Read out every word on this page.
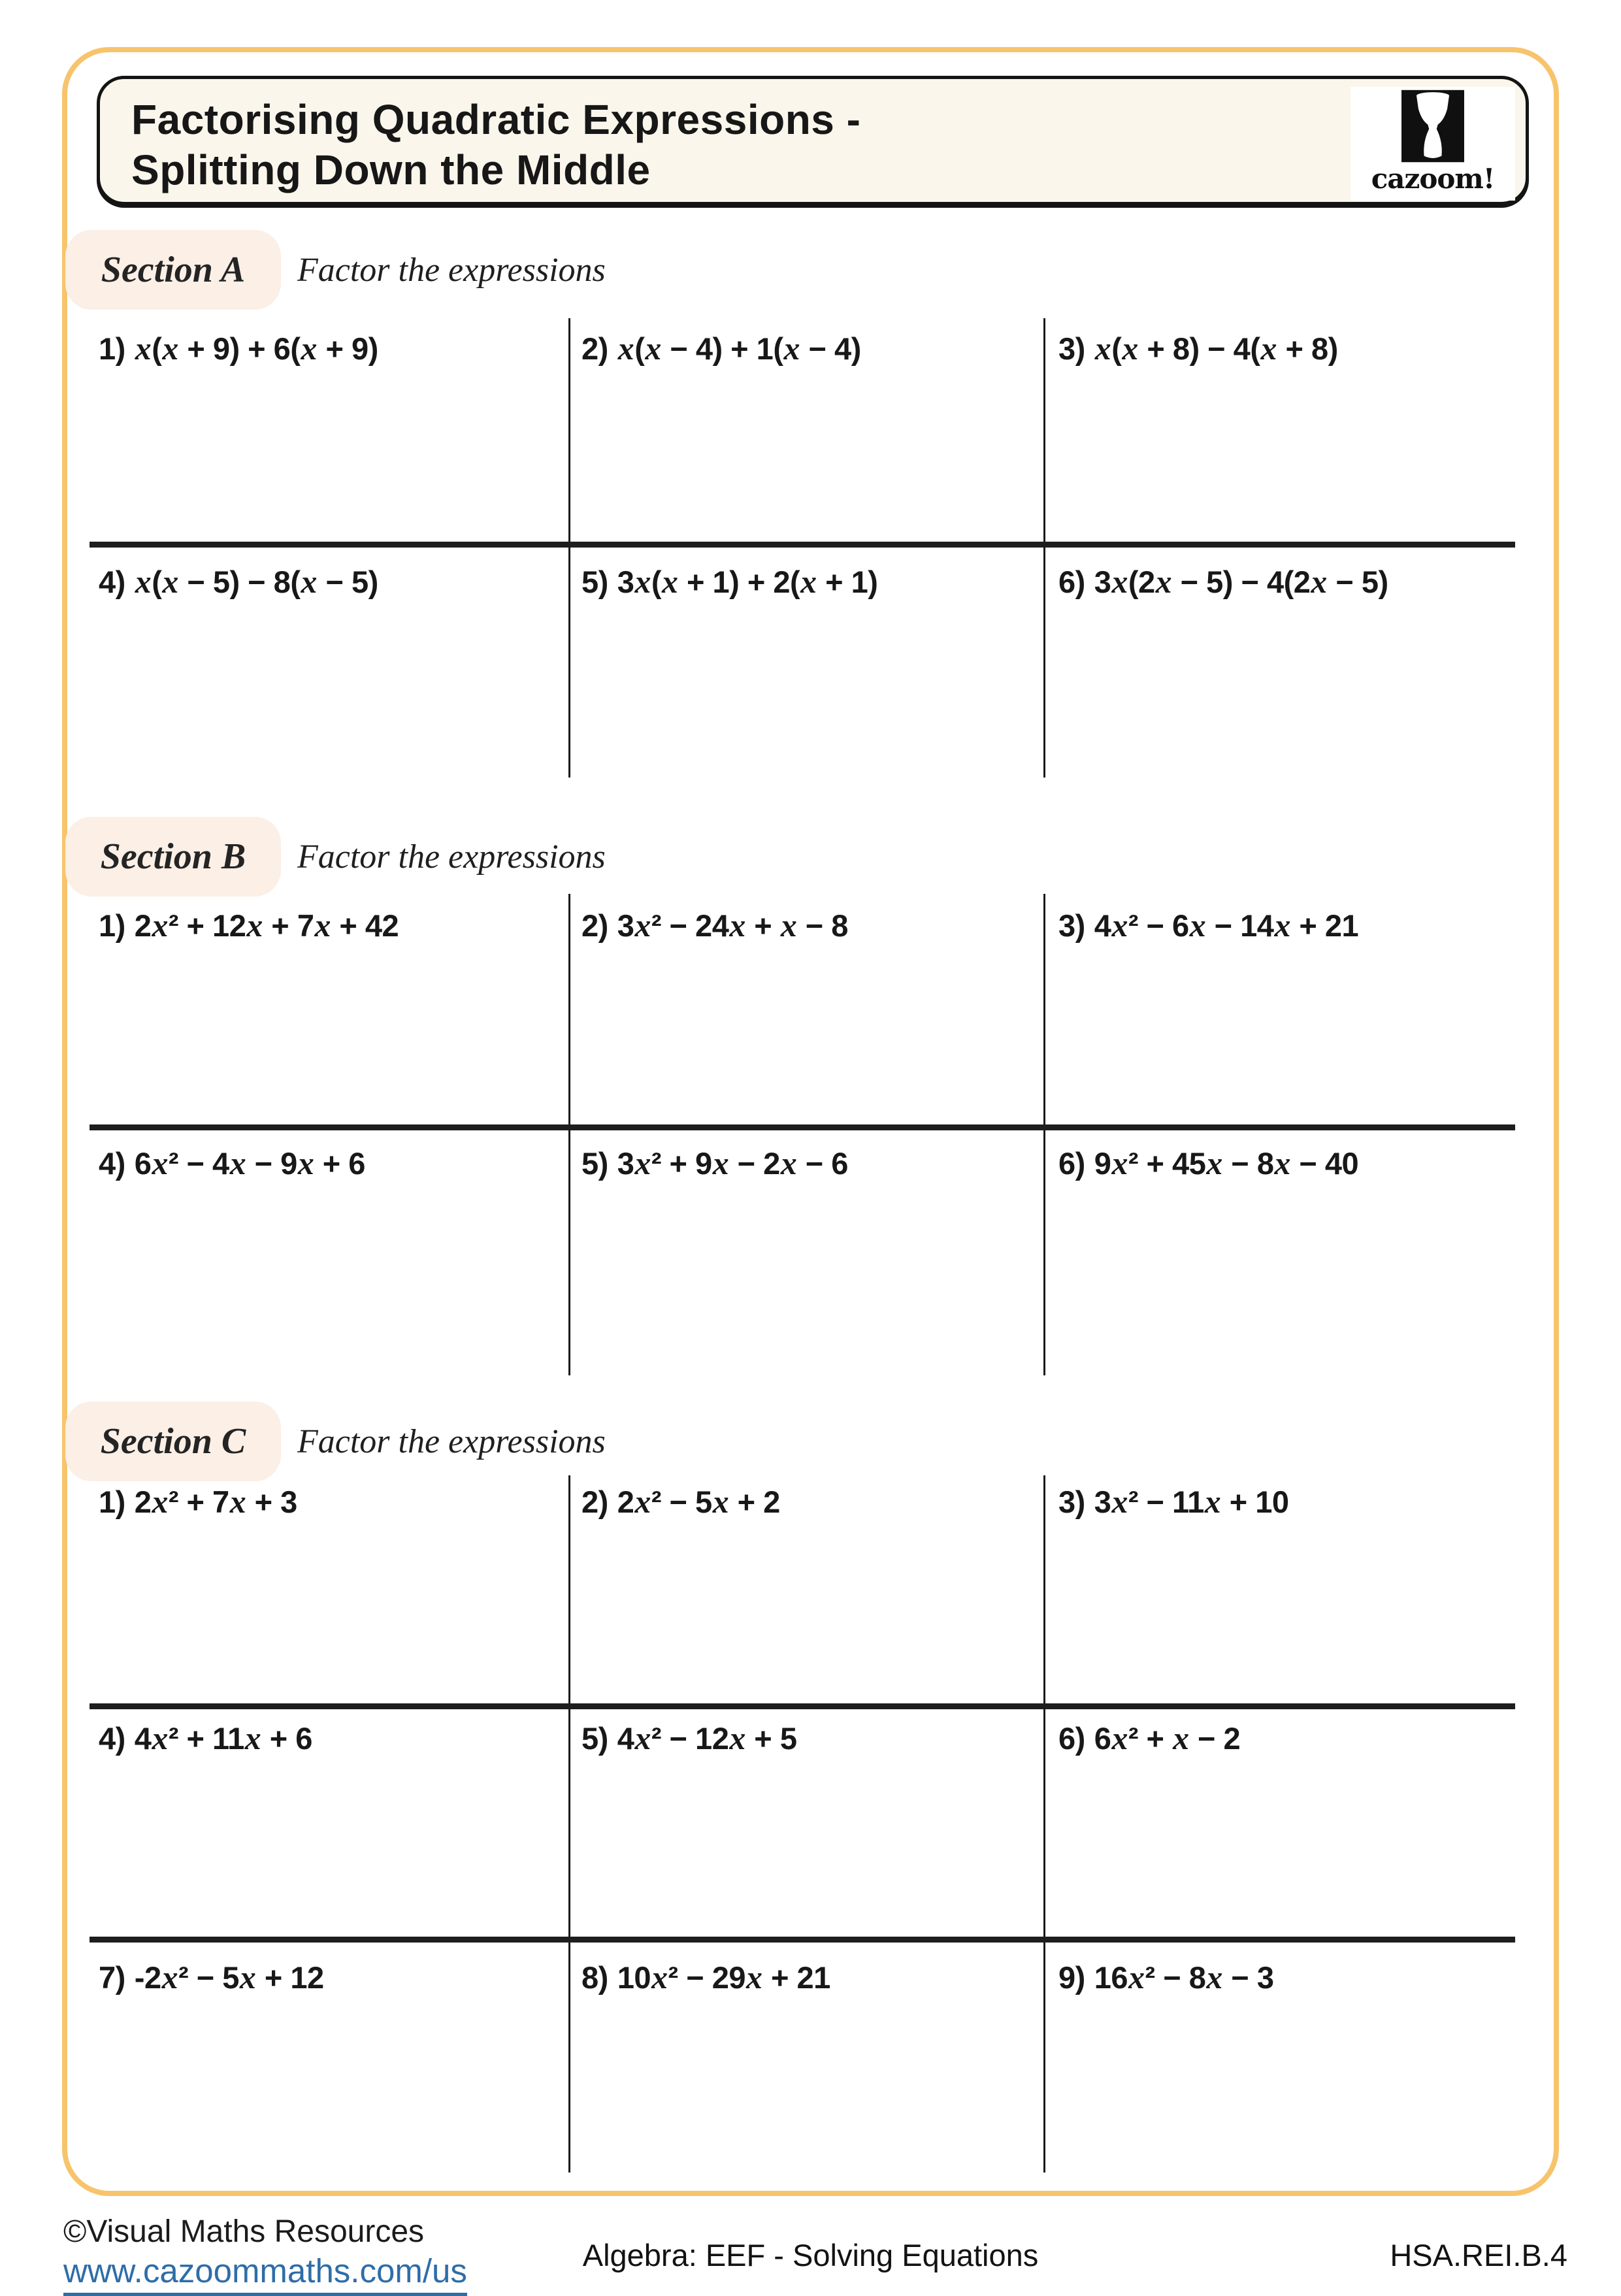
Factorising Quadratic Expressions -
Splitting Down the Middle	cazoom!
Section A	Factor the expressions
1) x(x + 9) + 6(x + 9)	2) x(x − 4) + 1(x − 4)	3) x(x + 8) − 4(x + 8)
4) x(x − 5) − 8(x − 5)	5) 3x(x + 1) + 2(x + 1)	6) 3x(2x − 5) − 4(2x − 5)
Section B	Factor the expressions
1) 2x² + 12x + 7x + 42	2) 3x² − 24x + x − 8	3) 4x² − 6x − 14x + 21
4) 6x² − 4x − 9x + 6	5) 3x² + 9x − 2x − 6	6) 9x² + 45x − 8x − 40
Section C	Factor the expressions
1) 2x² + 7x + 3	2) 2x² − 5x + 2	3) 3x² − 11x + 10
4) 4x² + 11x + 6	5) 4x² − 12x + 5	6) 6x² + x − 2
7) -2x² − 5x + 12	8) 10x² − 29x + 21	9) 16x² − 8x − 3
©Visual Maths Resources
www.cazoommaths.com/us	Algebra: EEF - Solving Equations	HSA.REI.B.4
